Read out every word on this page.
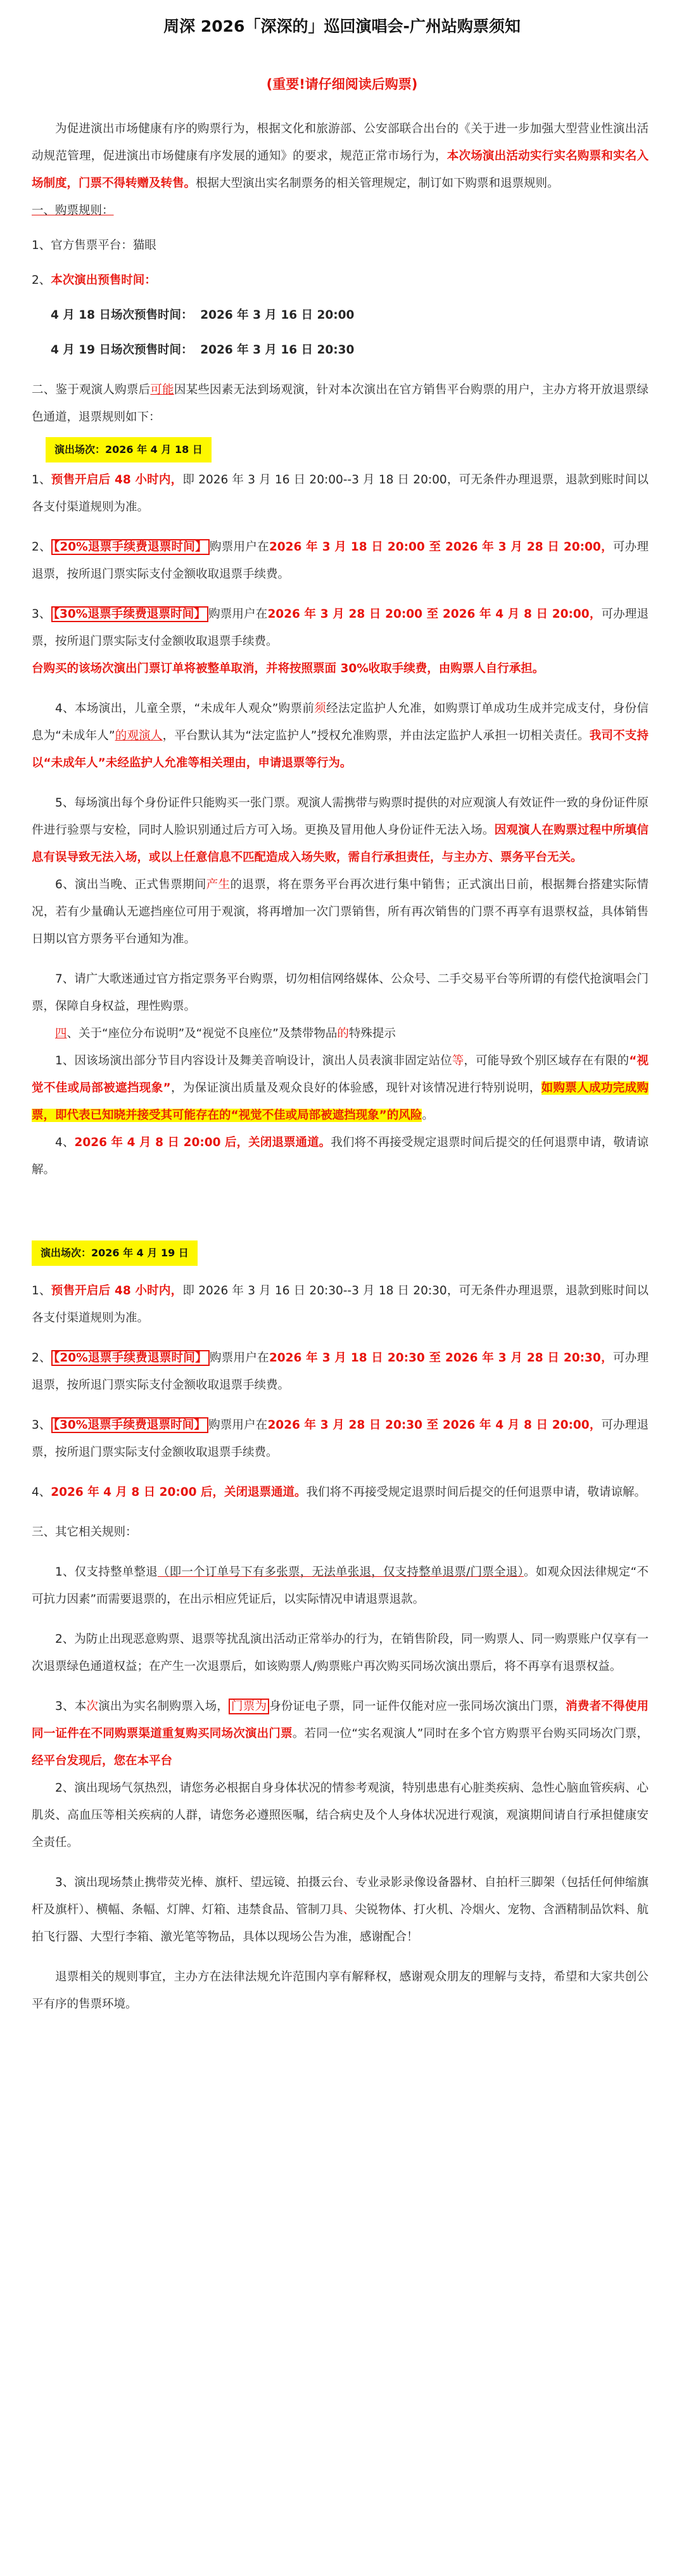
周深 2026「深深的」巡回演唱会-广州站购票须知
(重要!请仔细阅读后购票)

为促进演出市场健康有序的购票行为，根据文化和旅游部、公安部联合出台的《关于进一步加强大型营业性演出活动规范管理，促进演出市场健康有序发展的通知》的要求，规范正常市场行为，本次场演出活动实行实名购票和实名入场制度，门票不得转赠及转售。根据大型演出实名制票务的相关管理规定，制订如下购票和退票规则。

一、购票规则：

1、官方售票平台：猫眼

2、本次演出预售时间：

4 月 18 日场次预售时间： 2026 年 3 月 16 日 20:00

4 月 19 日场次预售时间： 2026 年 3 月 16 日 20:30

二、鉴于观演人购票后可能因某些因素无法到场观演，针对本次演出在官方销售平台购票的用户，主办方将开放退票绿色通道，退票规则如下：

演出场次：2026 年 4 月 18 日

1、预售开启后 48 小时内，即 2026 年 3 月 16 日 20:00--3 月 18 日 20:00，可无条件办理退票，退款到账时间以各支付渠道规则为准。

2、 【20%退票手续费退票时间】 购票用户在2026 年 3 月 18 日 20:00 至 2026 年 3 月 28 日 20:00，可办理退票，按所退门票实际支付金额收取退票手续费。

3、 【30%退票手续费退票时间】 购票用户在2026 年 3 月 28 日 20:00 至 2026 年 4 月 8 日 20:00，可办理退票，按所退门票实际支付金额收取退票手续费。

台购买的该场次演出门票订单将被整单取消，并将按照票面 30%收取手续费，由购票人自行承担。

4、本场演出，儿童全票，“未成年人观众”购票前须经法定监护人允准，如购票订单成功生成并完成支付，身份信息为“未成年人”的观演人，平台默认其为“法定监护人”授权允准购票，并由法定监护人承担一切相关责任。我司不支持以“未成年人”未经监护人允准等相关理由，申请退票等行为。

5、每场演出每个身份证件只能购买一张门票。观演人需携带与购票时提供的对应观演人有效证件一致的身份证件原件进行验票与安检，同时人脸识别通过后方可入场。更换及冒用他人身份证件无法入场。因观演人在购票过程中所填信息有误导致无法入场，或以上任意信息不匹配造成入场失败，需自行承担责任，与主办方、票务平台无关。

6、演出当晚、正式售票期间产生的退票，将在票务平台再次进行集中销售；正式演出日前，根据舞台搭建实际情况，若有少量确认无遮挡座位可用于观演，将再增加一次门票销售，所有再次销售的门票不再享有退票权益，具体销售日期以官方票务平台通知为准。

7、请广大歌迷通过官方指定票务平台购票，切勿相信网络媒体、公众号、二手交易平台等所谓的有偿代抢演唱会门票，保障自身权益，理性购票。

四、关于“座位分布说明”及“视觉不良座位”及禁带物品的特殊提示

1、因该场演出部分节目内容设计及舞美音响设计，演出人员表演非固定站位等，可能导致个别区域存在有限的“视觉不佳或局部被遮挡现象”，为保证演出质量及观众良好的体验感，现针对该情况进行特别说明，如购票人成功完成购票，即代表已知晓并接受其可能存在的“视觉不佳或局部被遮挡现象”的风险。

4、2026 年 4 月 8 日 20:00 后，关闭退票通道。我们将不再接受规定退票时间后提交的任何退票申请，敬请谅解。

演出场次：2026 年 4 月 19 日

1、预售开启后 48 小时内，即 2026 年 3 月 16 日 20:30--3 月 18 日 20:30，可无条件办理退票，退款到账时间以各支付渠道规则为准。

2、 【20%退票手续费退票时间】 购票用户在2026 年 3 月 18 日 20:30 至 2026 年 3 月 28 日 20:30，可办理退票，按所退门票实际支付金额收取退票手续费。

3、 【30%退票手续费退票时间】 购票用户在2026 年 3 月 28 日 20:30 至 2026 年 4 月 8 日 20:00，可办理退票，按所退门票实际支付金额收取退票手续费。

4、2026 年 4 月 8 日 20:00 后，关闭退票通道。我们将不再接受规定退票时间后提交的任何退票申请，敬请谅解。

三、其它相关规则：

1、仅支持整单整退（即一个订单号下有多张票，无法单张退，仅支持整单退票/门票全退）。如观众因法律规定“不可抗力因素”而需要退票的，在出示相应凭证后，以实际情况申请退票退款。

2、为防止出现恶意购票、退票等扰乱演出活动正常举办的行为，在销售阶段，同一购票人、同一购票账户仅享有一次退票绿色通道权益；在产生一次退票后，如该购票人/购票账户再次购买同场次演出票后，将不再享有退票权益。

3、本次演出为实名制购票入场， 门票为 身份证电子票，同一证件仅能对应一张同场次演出门票，消费者不得使用同一证件在不同购票渠道重复购买同场次演出门票。若同一位“实名观演人”同时在多个官方购票平台购买同场次门票，经平台发现后，您在本平台

2、演出现场气氛热烈，请您务必根据自身身体状况的情参考观演，特别患患有心脏类疾病、急性心脑血管疾病、心肌炎、高血压等相关疾病的人群，请您务必遵照医嘱，结合病史及个人身体状况进行观演，观演期间请自行承担健康安全责任。

3、演出现场禁止携带荧光棒、旗杆、望远镜、拍摄云台、专业录影录像设备器材、自拍杆三脚架（包括任何伸缩旗杆及旗杆）、横幅、条幅、灯牌、灯箱、违禁食品、管制刀具、尖锐物体、打火机、冷烟火、宠物、含酒精制品饮料、航拍飞行器、大型行李箱、激光笔等物品，具体以现场公告为准，感谢配合！

退票相关的规则事宜，主办方在法律法规允许范围内享有解释权，感谢观众朋友的理解与支持，希望和大家共创公平有序的售票环境。
